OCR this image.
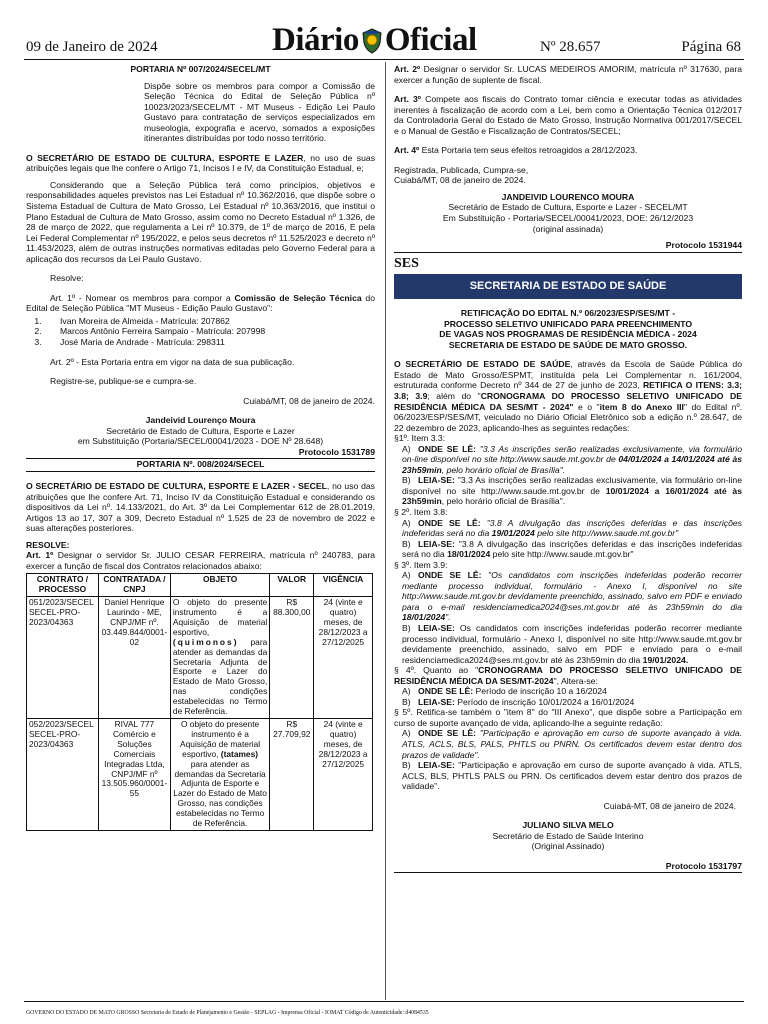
09 de Janeiro de 2024	Diário Oficial	Nº 28.657	Página 68

PORTARIA Nº 007/2024/SECEL/MT

Dispõe sobre os membros para compor a Comissão de Seleção Técnica do Edital de Seleção Pública nº 10023/2023/SECEL/MT - MT Museus - Edição Lei Paulo Gustavo para contratação de serviços especializados em museologia, expografia e acervo, somados a exposições itinerantes distribuídas por todo nosso território.

O SECRETÁRIO DE ESTADO DE CULTURA, ESPORTE E LAZER, no uso de suas atribuições legais que lhe confere o Artigo 71, Incisos I e IV, da Constituição Estadual, e;

Considerando que a Seleção Pública terá como princípios, objetivos e responsabilidades aqueles previstos nas Lei Estadual nº 10.362/2016, que dispõe sobre o Sistema Estadual de Cultura de Mato Grosso, Lei Estadual nº 10.363/2016, que institui o Plano Estadual de Cultura de Mato Grosso, assim como no Decreto Estadual nº 1.326, de 28 de março de 2022, que regulamenta a Lei nº 10.379, de 1º de março de 2016, E pela Lei Federal Complementar nº 195/2022, e pelos seus decretos nº 11.525/2023 e decreto nº 11.453/2023, além de outras instruções normativas editadas pelo Governo Federal para a aplicação dos recursos da Lei Paulo Gustavo.

Resolve:

Art. 1º - Nomear os membros para compor a Comissão de Seleção Técnica do Edital de Seleção Pública "MT Museus - Edição Paulo Gustavo":

1. Ivan Moreira de Almeida - Matrícula: 207862
2. Marcos Antônio Ferreira Sampaio - Matrícula: 207998
3. José Maria de Andrade - Matrícula: 298311

Art. 2º - Esta Portaria entra em vigor na data de sua publicação.

Registre-se, publique-se e cumpra-se.

Cuiabá/MT, 08 de janeiro de 2024.

Jandeivid Lourenço Moura

Secretário de Estado de Cultura, Esporte e Lazer

em Substituição (Portaria/SECEL/00041/2023 - DOE Nº 28.648)

Protocolo 1531789

PORTARIA Nº. 008/2024/SECEL

O SECRETÁRIO DE ESTADO DE CULTURA, ESPORTE E LAZER - SECEL, no uso das atribuições que lhe confere Art. 71, Inciso IV da Constituição Estadual e considerando os dispositivos da Lei nº. 14.133/2021, do Art. 3º da Lei Complementar 612 de 28.01.2019, Artigos 13 ao 17, 307 a 309, Decreto Estadual nº 1.525 de 23 de novembro de 2022 e suas alterações posteriores.

RESOLVE:

Art. 1º Designar o servidor Sr. JULIO CESAR FERREIRA, matrícula nº 240783, para exercer a função de fiscal dos Contratos relacionados abaixo:

CONTRATO / PROCESSO	CONTRATADA / CNPJ	OBJETO	VALOR	VIGÊNCIA
051/2023/SECEL SECEL-PRO-2023/04363	Daniel Henrique Laurindo - ME, CNPJ/MF nº. 03.449.844/0001-02	O objeto do presente instrumento é a Aquisição de material esportivo, (quimonos) para atender as demandas da Secretaria Adjunta de Esporte e Lazer do Estado de Mato Grosso, nas condições estabelecidas no Termo de Referência.	R$ 88.300,00	24 (vinte e quatro) meses, de 28/12/2023 a 27/12/2025
052/2023/SECEL SECEL-PRO-2023/04363	RIVAL 777 Comércio e Soluções Comerciais Integradas Ltda, CNPJ/MF nº 13.505.960/0001-55	O objeto do presente instrumento é a Aquisição de material esportivo, (tatames) para atender as demandas da Secretaria Adjunta de Esporte e Lazer do Estado de Mato Grosso, nas condições estabelecidas no Termo de Referência.	R$ 27.709,92	24 (vinte e quatro) meses, de 28/12/2023 a 27/12/2025

Art. 2º Designar o servidor Sr. LUCAS MEDEIROS AMORIM, matrícula nº 317630, para exercer a função de suplente de fiscal.

Art. 3º Compete aos fiscais do Contrato tomar ciência e executar todas as atividades inerentes à fiscalização de acordo com a Lei, bem como a Orientação Técnica 012/2017 da Controladoria Geral do Estado de Mato Grosso, Instrução Normativa 001/2017/SECEL e o Manual de Gestão e Fiscalização de Contratos/SECEL;

Art. 4º Esta Portaria tem seus efeitos retroagidos a 28/12/2023.

Registrada, Publicada, Cumpra-se,

Cuiabá/MT, 08 de janeiro de 2024.

JANDEIVID LOURENCO MOURA

Secretário de Estado de Cultura, Esporte e Lazer - SECEL/MT

Em Substituição - Portaria/SECEL/00041/2023, DOE: 26/12/2023

(original assinada)

Protocolo 1531944

SES

SECRETARIA DE ESTADO DE SAÚDE

RETIFICAÇÃO DO EDITAL N.º 06/2023/ESP/SES/MT -

PROCESSO SELETIVO UNIFICADO PARA PREENCHIMENTO

DE VAGAS NOS PROGRAMAS DE RESIDÊNCIA MÉDICA - 2024

SECRETARIA DE ESTADO DE SAÚDE DE MATO GROSSO.

O SECRETÁRIO DE ESTADO DE SAÚDE, através da Escola de Saúde Pública do Estado de Mato Grosso/ESPMT, instituída pela Lei Complementar n. 161/2004, estruturada conforme Decreto nº 344 de 27 de junho de 2023, RETIFICA O ITENS: 3.3; 3.8; 3.9; além do "CRONOGRAMA DO PROCESSO SELETIVO UNIFICADO DE RESIDÊNCIA MÉDICA DA SES/MT - 2024" e o "item 8 do Anexo III" do Edital nº. 06/2023/ESP/SES/MT, veiculado no Diário Oficial Eletrônico sob a edição n.º 28.647, de 22 dezembro de 2023, aplicando-lhes as seguintes redações:

§1º. Item 3.3:

A) ONDE SE LÊ: "3.3 As inscrições serão realizadas exclusivamente, via formulário on-line disponível no site http://www.saude.mt.gov.br de 04/01/2024 a 14/01/2024 até às 23h59min, pelo horário oficial de Brasília".

B) LEIA-SE: "3.3 As inscrições serão realizadas exclusivamente, via formulário on-line disponível no site http://www.saude.mt.gov.br de 10/01/2024 a 16/01/2024 até às 23h59min, pelo horário oficial de Brasília".

§ 2º. Item 3.8:

A) ONDE SE LÊ: "3.8 A divulgação das inscrições deferidas e das inscrições indeferidas será no dia 19/01/2024 pelo site http://www.saude.mt.gov.br"

B) LEIA-SE: "3.8 A divulgação das inscrições deferidas e das inscrições indeferidas será no dia 18/01/2024 pelo site http://www.saude.mt.gov.br"

§ 3º. Item 3.9:

A) ONDE SE LÊ: "Os candidatos com inscrições indeferidas poderão recorrer mediante processo individual, formulário - Anexo I, disponível no site http://www.saude.mt.gov.br devidamente preenchido, assinado, salvo em PDF e enviado para o e-mail residenciamedica2024@ses.mt.gov.br até às 23h59min do dia 18/01/2024".

B) LEIA-SE: Os candidatos com inscrições indeferidas poderão recorrer mediante processo individual, formulário - Anexo I, disponível no site http://www.saude.mt.gov.br devidamente preenchido, assinado, salvo em PDF e enviado para o e-mail residenciamedica2024@ses.mt.gov.br até às 23h59min do dia 19/01/2024.

§ 4º. Quanto ao "CRONOGRAMA DO PROCESSO SELETIVO UNIFICADO DE RESIDÊNCIA MÉDICA DA SES/MT-2024", Altera-se:

A) ONDE SE LÊ: Período de inscrição 10 a 16/2024

B) LEIA-SE: Período de inscrição 10/01/2024 a 16/01/2024

§ 5º. Retifica-se também o "item 8" do "III Anexo", que dispõe sobre a Participação em curso de suporte avançado de vida, aplicando-lhe a seguinte redação:

A) ONDE SE LÊ: "Participação e aprovação em curso de suporte avançado à vida. ATLS, ACLS, BLS, PALS, PHTLS ou PNRN. Os certificados devem estar dentro dos prazos de validade".

B) LEIA-SE: "Participação e aprovação em curso de suporte avançado à vida. ATLS, ACLS, BLS, PHTLS PALS ou PRN. Os certificados devem estar dentro dos prazos de validade".

Cuiabá-MT, 08 de janeiro de 2024.

JULIANO SILVA MELO

Secretário de Estado de Saúde Interino

(Original Assinado)

Protocolo 1531797

GOVERNO DO ESTADO DE MATO GROSSO Secretaria de Estado de Planejamento e Gestão - SEPLAG - Imprensa Oficial - IOMAT Código de Autenticidade: d4084535
